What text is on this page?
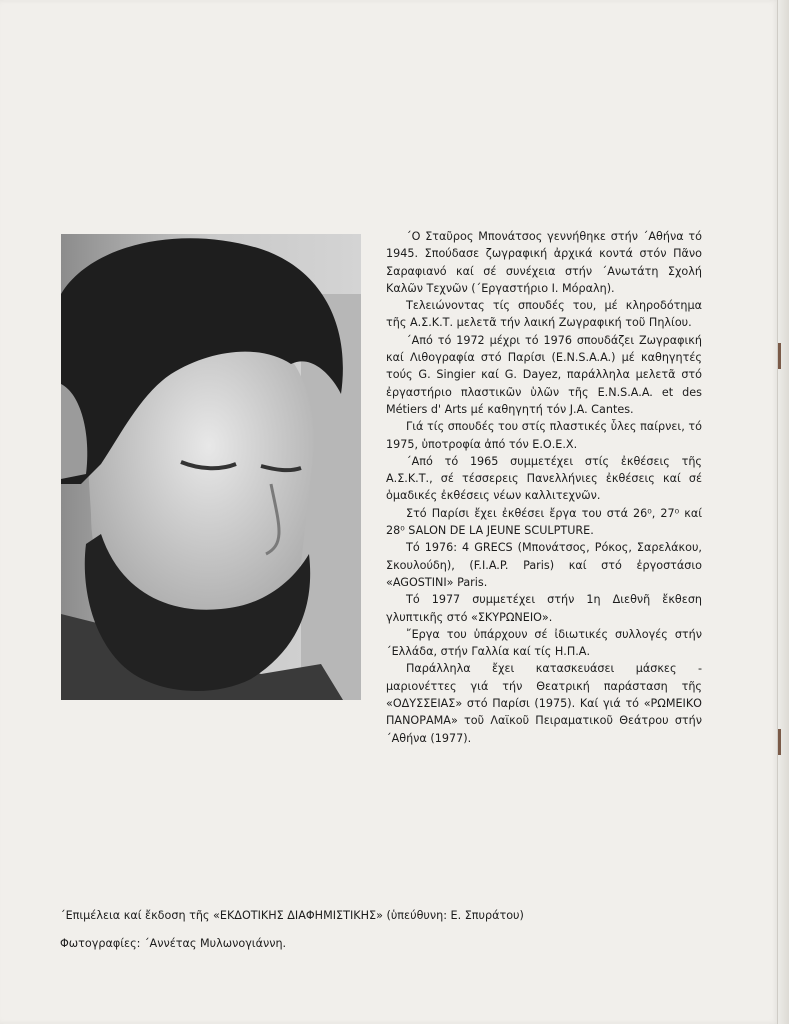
΄Ο Σταῦρος Μπονάτσος γεννήθηκε στήν ΄Αθήνα τό 1945. Σπούδασε ζωγραφική ἀρχικά κοντά στόν Πᾶνο Σαραφιανό καί σέ συνέχεια στήν ΄Ανωτάτη Σχολή Καλῶν Τεχνῶν (΄Εργαστήριο Ι. Μόραλη).

Τελειώνοντας τίς σπουδές του, μέ κληροδότημα τῆς Α.Σ.Κ.Τ. μελετᾶ τήν λαική Ζωγραφική τοῦ Πηλίου.

΄Από τό 1972 μέχρι τό 1976 σπουδάζει Ζωγραφική καί Λιθογραφία στό Παρίσι (E.N.S.A.A.) μέ καθηγητές τούς G. Singier καί G. Dayez, παράλληλα μελετᾶ στό ἐργαστήριο πλαστικῶν ὑλῶν τῆς E.N.S.A.A. et des Métiers d' Arts μέ καθηγητή τόν J.A. Cantes.

Γιά τίς σπουδές του στίς πλαστικές ὗλες παίρνει, τό 1975, ὑποτροφία ἀπό τόν Ε.Ο.Ε.Χ.

΄Από τό 1965 συμμετέχει στίς ἐκθέσεις τῆς Α.Σ.Κ.Τ., σέ τέσσερεις Πανελλήνιες ἐκθέσεις καί σέ ὁμαδικές ἐκθέσεις νέων καλλιτεχνῶν.

Στό Παρίσι ἔχει ἐκθέσει ἔργα του στά 26⁰, 27⁰ καί 28⁰ SALON DE LA JEUNE SCULPTURE.

Τό 1976: 4 GRECS (Μπονάτσος, Ρόκος, Σαρελάκου, Σκουλούδη), (F.I.A.P. Paris) καί στό ἐργοστάσιο «AGOSTINI» Paris.

Τό 1977 συμμετέχει στήν 1η Διεθνῆ ἔκθεση γλυπτικῆς στό «ΣΚΥΡΩΝΕΙΟ».

῎Εργα του ὑπάρχουν σέ ἰδιωτικές συλλογές στήν ΄Ελλάδα, στήν Γαλλία καί τίς Η.Π.Α.

Παράλληλα ἔχει κατασκευάσει μάσκες - μαριονέττες γιά τήν Θεατρική παράσταση τῆς «ΟΔΥΣΣΕΙΑΣ» στό Παρίσι (1975). Καί γιά τό «ΡΩΜΕΙΚΟ ΠΑΝΟΡΑΜΑ» τοῦ Λαϊκοῦ Πειραματικοῦ Θεάτρου στήν ΄Αθήνα (1977).

΄Επιμέλεια καί ἔκδοση τῆς «ΕΚΔΟΤΙΚΗΣ ΔΙΑΦΗΜΙΣΤΙΚΗΣ» (ὑπεύθυνη: Ε. Σπυράτου)
Φωτογραφίες: ΄Αννέτας Μυλωνογιάννη.
